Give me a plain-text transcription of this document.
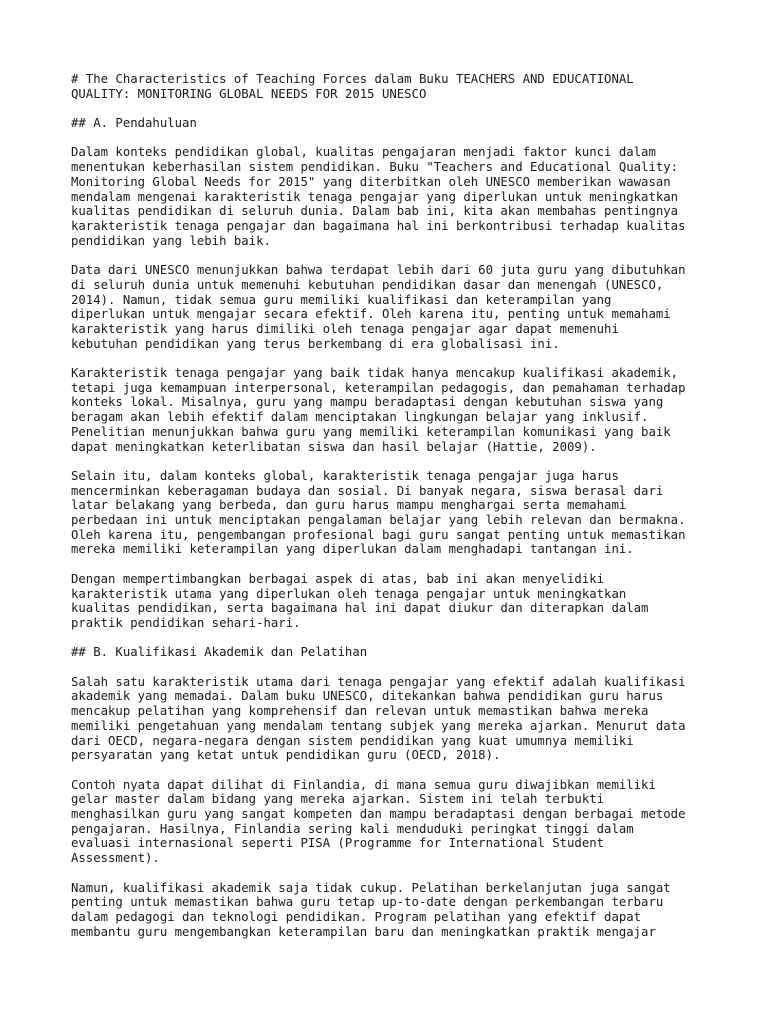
# The Characteristics of Teaching Forces dalam Buku TEACHERS AND EDUCATIONAL
QUALITY: MONITORING GLOBAL NEEDS FOR 2015 UNESCO
## A. Pendahuluan
Dalam konteks pendidikan global, kualitas pengajaran menjadi faktor kunci dalam
menentukan keberhasilan sistem pendidikan. Buku "Teachers and Educational Quality:
Monitoring Global Needs for 2015" yang diterbitkan oleh UNESCO memberikan wawasan
mendalam mengenai karakteristik tenaga pengajar yang diperlukan untuk meningkatkan
kualitas pendidikan di seluruh dunia. Dalam bab ini, kita akan membahas pentingnya
karakteristik tenaga pengajar dan bagaimana hal ini berkontribusi terhadap kualitas
pendidikan yang lebih baik.
Data dari UNESCO menunjukkan bahwa terdapat lebih dari 60 juta guru yang dibutuhkan
di seluruh dunia untuk memenuhi kebutuhan pendidikan dasar dan menengah (UNESCO,
2014). Namun, tidak semua guru memiliki kualifikasi dan keterampilan yang
diperlukan untuk mengajar secara efektif. Oleh karena itu, penting untuk memahami
karakteristik yang harus dimiliki oleh tenaga pengajar agar dapat memenuhi
kebutuhan pendidikan yang terus berkembang di era globalisasi ini.
Karakteristik tenaga pengajar yang baik tidak hanya mencakup kualifikasi akademik,
tetapi juga kemampuan interpersonal, keterampilan pedagogis, dan pemahaman terhadap
konteks lokal. Misalnya, guru yang mampu beradaptasi dengan kebutuhan siswa yang
beragam akan lebih efektif dalam menciptakan lingkungan belajar yang inklusif.
Penelitian menunjukkan bahwa guru yang memiliki keterampilan komunikasi yang baik
dapat meningkatkan keterlibatan siswa dan hasil belajar (Hattie, 2009).
Selain itu, dalam konteks global, karakteristik tenaga pengajar juga harus
mencerminkan keberagaman budaya dan sosial. Di banyak negara, siswa berasal dari
latar belakang yang berbeda, dan guru harus mampu menghargai serta memahami
perbedaan ini untuk menciptakan pengalaman belajar yang lebih relevan dan bermakna.
Oleh karena itu, pengembangan profesional bagi guru sangat penting untuk memastikan
mereka memiliki keterampilan yang diperlukan dalam menghadapi tantangan ini.
Dengan mempertimbangkan berbagai aspek di atas, bab ini akan menyelidiki
karakteristik utama yang diperlukan oleh tenaga pengajar untuk meningkatkan
kualitas pendidikan, serta bagaimana hal ini dapat diukur dan diterapkan dalam
praktik pendidikan sehari-hari.
## B. Kualifikasi Akademik dan Pelatihan
Salah satu karakteristik utama dari tenaga pengajar yang efektif adalah kualifikasi
akademik yang memadai. Dalam buku UNESCO, ditekankan bahwa pendidikan guru harus
mencakup pelatihan yang komprehensif dan relevan untuk memastikan bahwa mereka
memiliki pengetahuan yang mendalam tentang subjek yang mereka ajarkan. Menurut data
dari OECD, negara-negara dengan sistem pendidikan yang kuat umumnya memiliki
persyaratan yang ketat untuk pendidikan guru (OECD, 2018).
Contoh nyata dapat dilihat di Finlandia, di mana semua guru diwajibkan memiliki
gelar master dalam bidang yang mereka ajarkan. Sistem ini telah terbukti
menghasilkan guru yang sangat kompeten dan mampu beradaptasi dengan berbagai metode
pengajaran. Hasilnya, Finlandia sering kali menduduki peringkat tinggi dalam
evaluasi internasional seperti PISA (Programme for International Student
Assessment).
Namun, kualifikasi akademik saja tidak cukup. Pelatihan berkelanjutan juga sangat
penting untuk memastikan bahwa guru tetap up-to-date dengan perkembangan terbaru
dalam pedagogi dan teknologi pendidikan. Program pelatihan yang efektif dapat
membantu guru mengembangkan keterampilan baru dan meningkatkan praktik mengajar
